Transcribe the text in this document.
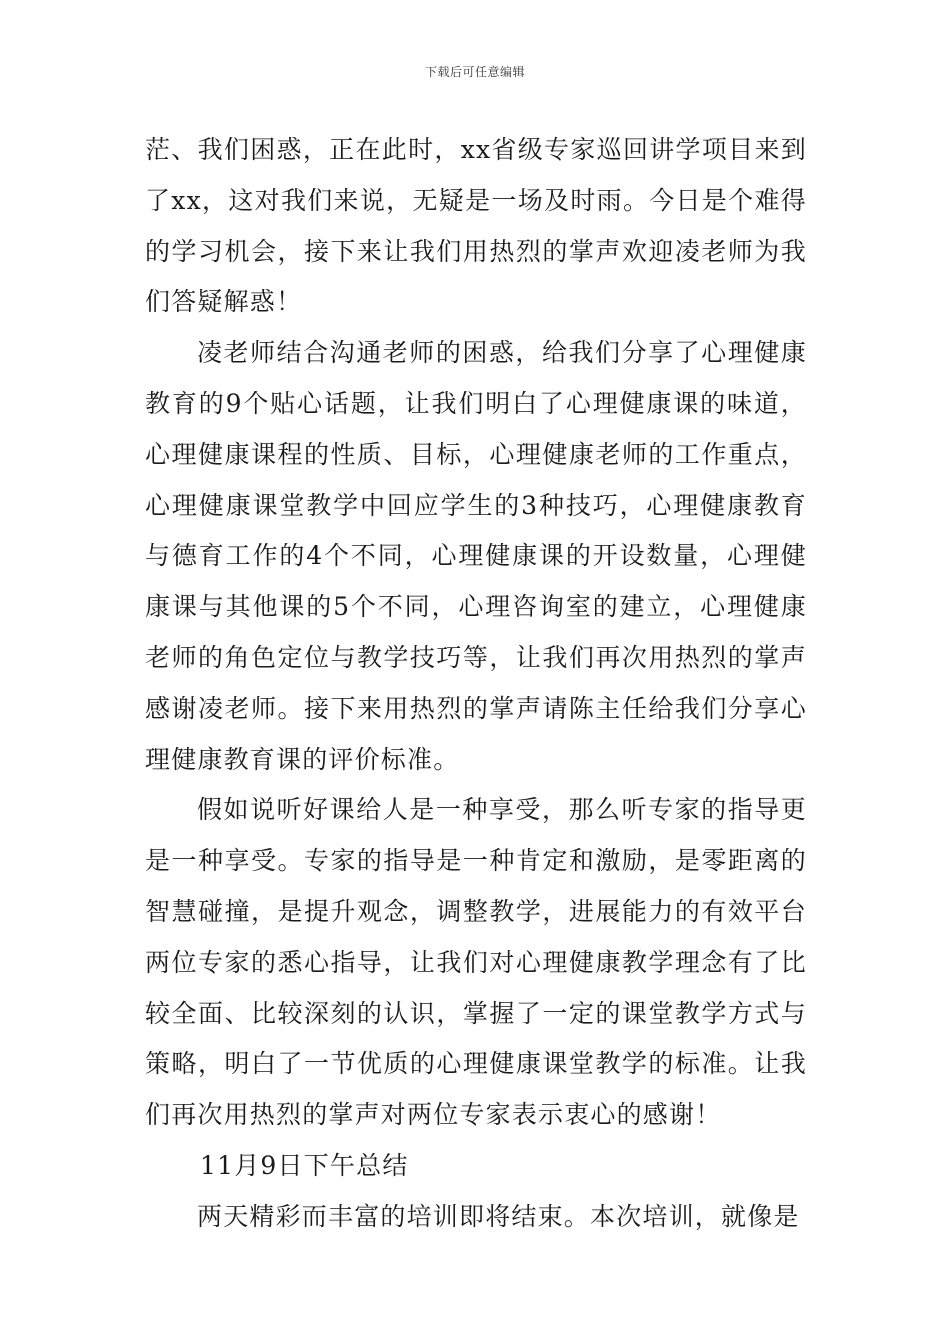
下载后可任意编辑

茫、我们困惑，正在此时，xx省级专家巡回讲学项目来到了xx，这对我们来说，无疑是一场及时雨。今日是个难得的学习机会，接下来让我们用热烈的掌声欢迎凌老师为我们答疑解惑！

凌老师结合沟通老师的困惑，给我们分享了心理健康教育的9个贴心话题，让我们明白了心理健康课的味道，心理健康课程的性质、目标，心理健康老师的工作重点，心理健康课堂教学中回应学生的3种技巧，心理健康教育与德育工作的4个不同，心理健康课的开设数量，心理健康课与其他课的5个不同，心理咨询室的建立，心理健康老师的角色定位与教学技巧等，让我们再次用热烈的掌声感谢凌老师。接下来用热烈的掌声请陈主任给我们分享心理健康教育课的评价标准。

假如说听好课给人是一种享受，那么听专家的指导更是一种享受。专家的指导是一种肯定和激励，是零距离的智慧碰撞，是提升观念，调整教学，进展能力的有效平台两位专家的悉心指导，让我们对心理健康教学理念有了比较全面、比较深刻的认识，掌握了一定的课堂教学方式与策略，明白了一节优质的心理健康课堂教学的标准。让我们再次用热烈的掌声对两位专家表示衷心的感谢！

11月9日下午总结

两天精彩而丰富的培训即将结束。本次培训，就像是
